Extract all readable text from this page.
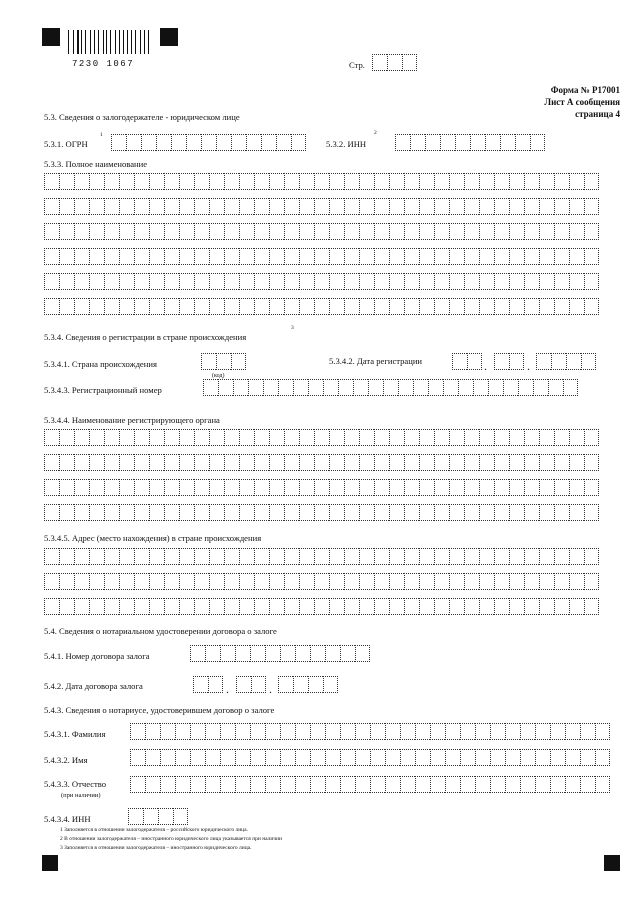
7230 1067	Стр.
Форма № Р17001
Лист А сообщения
страница 4
5.3. Сведения о залогодержателе - юридическом лице
5.3.1. ОГРН
1
5.3.2. ИНН
2
5.3.3. Полное наименование
5.3.4. Сведения о регистрации в стране происхождения
3
5.3.4.1. Страна происхождения
(код)
5.3.4.2. Дата регистрации	.	.
5.3.4.3. Регистрационный номер
5.3.4.4. Наименование регистрирующего органа
5.3.4.5. Адрес (место нахождения) в стране происхождения
5.4. Сведения о нотариальном удостоверении договора о залоге
5.4.1. Номер договора залога
5.4.2. Дата договора залога	.	.
5.4.3. Сведения о нотариусе, удостоверившем договор о залоге
5.4.3.1. Фамилия
5.4.3.2. Имя
5.4.3.3. Отчество
(при наличии)
5.4.3.4. ИНН
1 Заполняется в отношении залогодержателя – российского юридического лица.
2 В отношении залогодержателя – иностранного юридического лица указывается при наличии
3 Заполняется в отношении залогодержателя – иностранного юридического лица.
